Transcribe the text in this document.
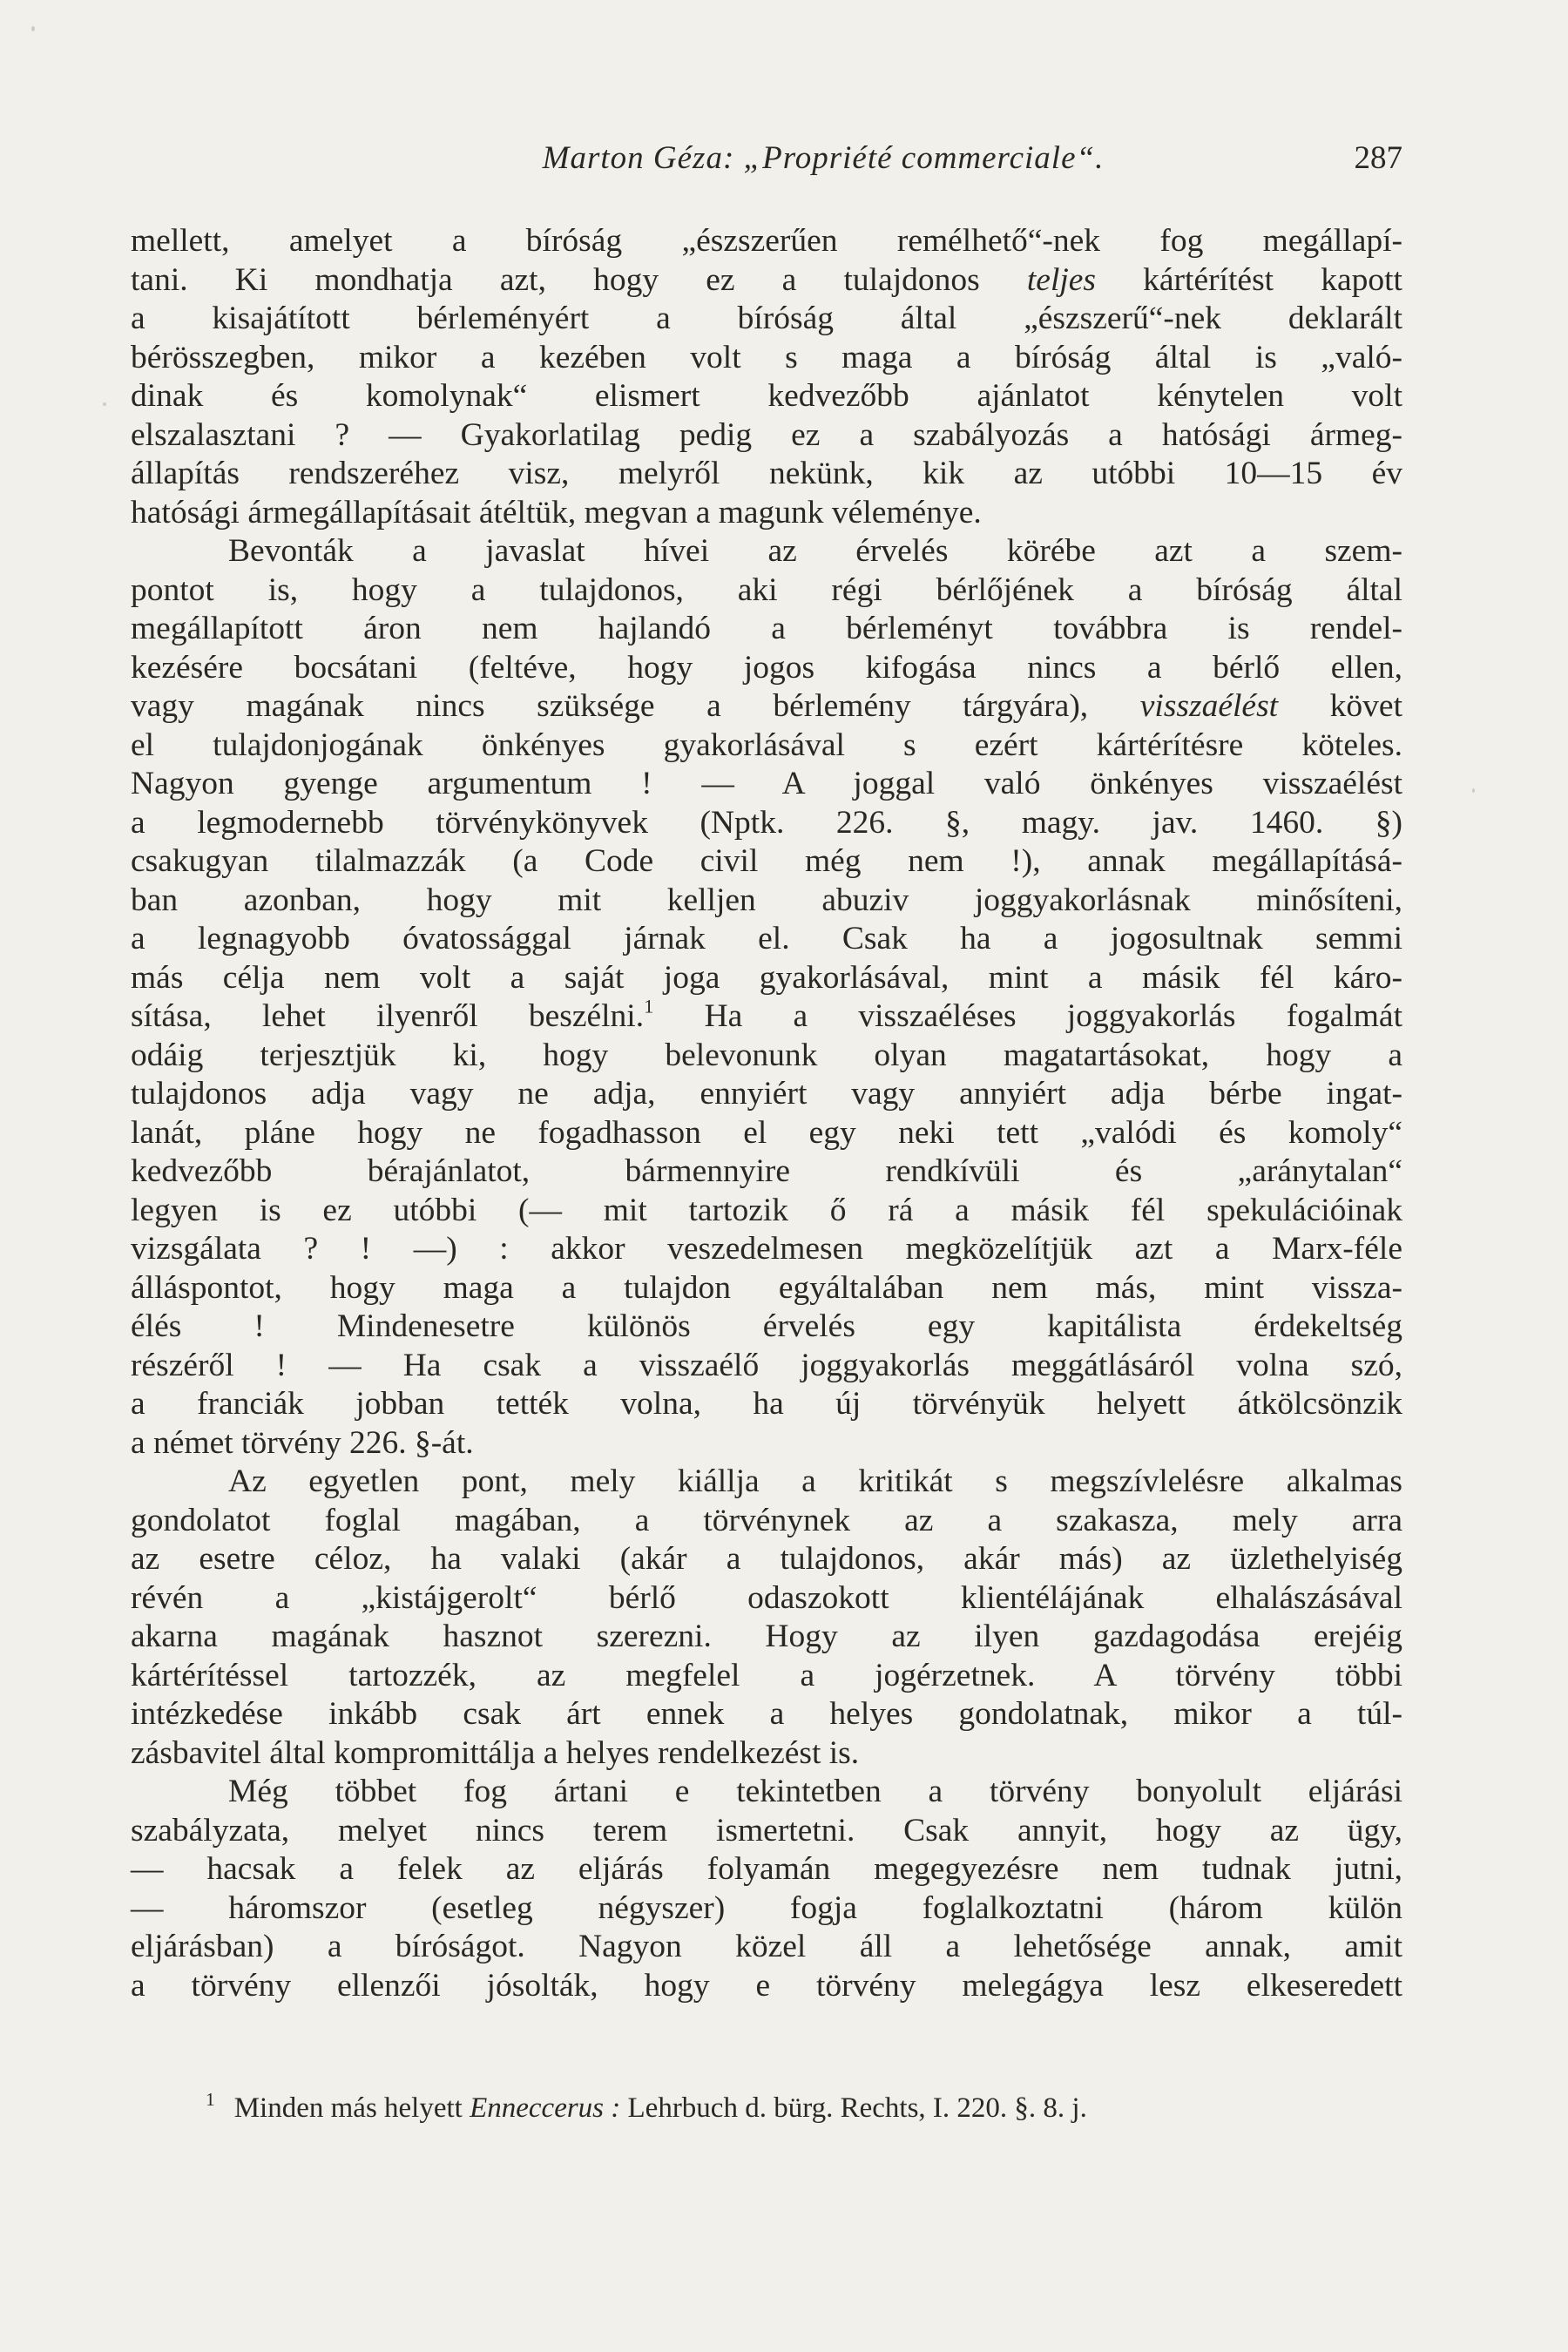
Marton Géza: „Propriété commerciale“.	287
mellett, amelyet a bíróság „észszerűen remélhető“-nek fog megállapí-
tani. Ki mondhatja azt, hogy ez a tulajdonos teljes kártérítést kapott
a kisajátított bérleményért a bíróság által „észszerű“-nek deklarált
bérösszegben, mikor a kezében volt s maga a bíróság által is „való-
dinak és komolynak“ elismert kedvezőbb ajánlatot kénytelen volt
elszalasztani ? — Gyakorlatilag pedig ez a szabályozás a hatósági ármeg-
állapítás rendszeréhez visz, melyről nekünk, kik az utóbbi 10—15 év
hatósági ármegállapításait átéltük, megvan a magunk véleménye.
Bevonták a javaslat hívei az érvelés körébe azt a szem-
pontot is, hogy a tulajdonos, aki régi bérlőjének a bíróság által
megállapított áron nem hajlandó a bérleményt továbbra is rendel-
kezésére bocsátani (feltéve, hogy jogos kifogása nincs a bérlő ellen,
vagy magának nincs szüksége a bérlemény tárgyára), visszaélést követ
el tulajdonjogának önkényes gyakorlásával s ezért kártérítésre köteles.
Nagyon gyenge argumentum ! — A joggal való önkényes visszaélést
a legmodernebb törvénykönyvek (Nptk. 226. §, magy. jav. 1460. §)
csakugyan tilalmazzák (a Code civil még nem !), annak megállapításá-
ban azonban, hogy mit kelljen abuziv joggyakorlásnak minősíteni,
a legnagyobb óvatossággal járnak el. Csak ha a jogosultnak semmi
más célja nem volt a saját joga gyakorlásával, mint a másik fél káro-
sítása, lehet ilyenről beszélni.$^1$ Ha a visszaéléses joggyakorlás fogalmát
odáig terjesztjük ki, hogy belevonunk olyan magatartásokat, hogy a
tulajdonos adja vagy ne adja, ennyiért vagy annyiért adja bérbe ingat-
lanát, pláne hogy ne fogadhasson el egy neki tett „valódi és komoly“
kedvezőbb bérajánlatot, bármennyire rendkívüli és „aránytalan“
legyen is ez utóbbi (— mit tartozik ő rá a másik fél spekulációinak
vizsgálata ? ! —) : akkor veszedelmesen megközelítjük azt a Marx-féle
álláspontot, hogy maga a tulajdon egyáltalában nem más, mint vissza-
élés ! Mindenesetre különös érvelés egy kapitálista érdekeltség
részéről ! — Ha csak a visszaélő joggyakorlás meggátlásáról volna szó,
a franciák jobban tették volna, ha új törvényük helyett átkölcsönzik
a német törvény 226. §-át.
Az egyetlen pont, mely kiállja a kritikát s megszívlelésre alkalmas
gondolatot foglal magában, a törvénynek az a szakasza, mely arra
az esetre céloz, ha valaki (akár a tulajdonos, akár más) az üzlethelyiség
révén a „kistájgerolt“ bérlő odaszokott klientélájának elhalászásával
akarna magának hasznot szerezni. Hogy az ilyen gazdagodása erejéig
kártérítéssel tartozzék, az megfelel a jogérzetnek. A törvény többi
intézkedése inkább csak árt ennek a helyes gondolatnak, mikor a túl-
zásbavitel által kompromittálja a helyes rendelkezést is.
Még többet fog ártani e tekintetben a törvény bonyolult eljárási
szabályzata, melyet nincs terem ismertetni. Csak annyit, hogy az ügy,
— hacsak a felek az eljárás folyamán megegyezésre nem tudnak jutni,
— háromszor (esetleg négyszer) fogja foglalkoztatni (három külön
eljárásban) a bíróságot. Nagyon közel áll a lehetősége annak, amit
a törvény ellenzői jósolták, hogy e törvény melegágya lesz elkeseredett
$^1$ Minden más helyett Enneccerus : Lehrbuch d. bürg. Rechts, I. 220. §. 8. j.
